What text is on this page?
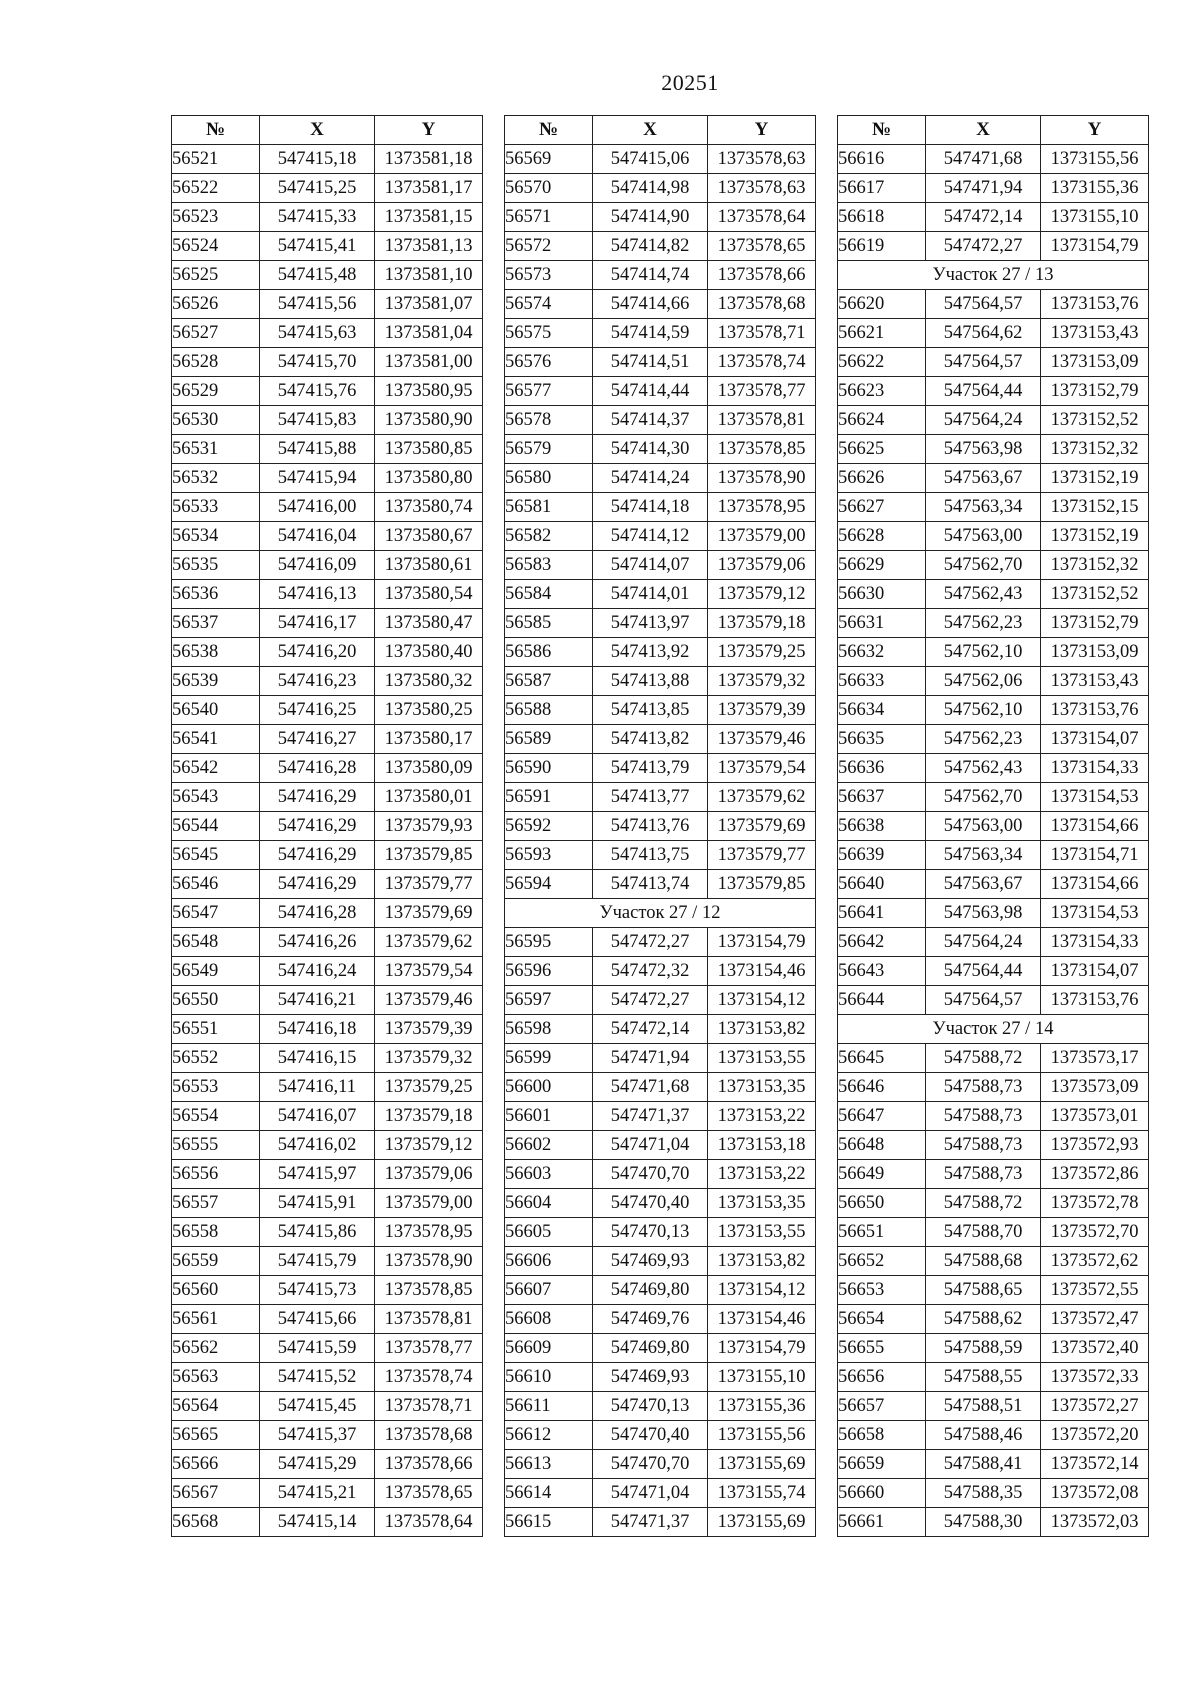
20251
№	X	Y
56521	547415,18	1373581,18
56522	547415,25	1373581,17
56523	547415,33	1373581,15
56524	547415,41	1373581,13
56525	547415,48	1373581,10
56526	547415,56	1373581,07
56527	547415,63	1373581,04
56528	547415,70	1373581,00
56529	547415,76	1373580,95
56530	547415,83	1373580,90
56531	547415,88	1373580,85
56532	547415,94	1373580,80
56533	547416,00	1373580,74
56534	547416,04	1373580,67
56535	547416,09	1373580,61
56536	547416,13	1373580,54
56537	547416,17	1373580,47
56538	547416,20	1373580,40
56539	547416,23	1373580,32
56540	547416,25	1373580,25
56541	547416,27	1373580,17
56542	547416,28	1373580,09
56543	547416,29	1373580,01
56544	547416,29	1373579,93
56545	547416,29	1373579,85
56546	547416,29	1373579,77
56547	547416,28	1373579,69
56548	547416,26	1373579,62
56549	547416,24	1373579,54
56550	547416,21	1373579,46
56551	547416,18	1373579,39
56552	547416,15	1373579,32
56553	547416,11	1373579,25
56554	547416,07	1373579,18
56555	547416,02	1373579,12
56556	547415,97	1373579,06
56557	547415,91	1373579,00
56558	547415,86	1373578,95
56559	547415,79	1373578,90
56560	547415,73	1373578,85
56561	547415,66	1373578,81
56562	547415,59	1373578,77
56563	547415,52	1373578,74
56564	547415,45	1373578,71
56565	547415,37	1373578,68
56566	547415,29	1373578,66
56567	547415,21	1373578,65
56568	547415,14	1373578,64
№	X	Y
56569	547415,06	1373578,63
56570	547414,98	1373578,63
56571	547414,90	1373578,64
56572	547414,82	1373578,65
56573	547414,74	1373578,66
56574	547414,66	1373578,68
56575	547414,59	1373578,71
56576	547414,51	1373578,74
56577	547414,44	1373578,77
56578	547414,37	1373578,81
56579	547414,30	1373578,85
56580	547414,24	1373578,90
56581	547414,18	1373578,95
56582	547414,12	1373579,00
56583	547414,07	1373579,06
56584	547414,01	1373579,12
56585	547413,97	1373579,18
56586	547413,92	1373579,25
56587	547413,88	1373579,32
56588	547413,85	1373579,39
56589	547413,82	1373579,46
56590	547413,79	1373579,54
56591	547413,77	1373579,62
56592	547413,76	1373579,69
56593	547413,75	1373579,77
56594	547413,74	1373579,85
Участок 27 / 12		
56595	547472,27	1373154,79
56596	547472,32	1373154,46
56597	547472,27	1373154,12
56598	547472,14	1373153,82
56599	547471,94	1373153,55
56600	547471,68	1373153,35
56601	547471,37	1373153,22
56602	547471,04	1373153,18
56603	547470,70	1373153,22
56604	547470,40	1373153,35
56605	547470,13	1373153,55
56606	547469,93	1373153,82
56607	547469,80	1373154,12
56608	547469,76	1373154,46
56609	547469,80	1373154,79
56610	547469,93	1373155,10
56611	547470,13	1373155,36
56612	547470,40	1373155,56
56613	547470,70	1373155,69
56614	547471,04	1373155,74
56615	547471,37	1373155,69
№	X	Y
56616	547471,68	1373155,56
56617	547471,94	1373155,36
56618	547472,14	1373155,10
56619	547472,27	1373154,79
Участок 27 / 13		
56620	547564,57	1373153,76
56621	547564,62	1373153,43
56622	547564,57	1373153,09
56623	547564,44	1373152,79
56624	547564,24	1373152,52
56625	547563,98	1373152,32
56626	547563,67	1373152,19
56627	547563,34	1373152,15
56628	547563,00	1373152,19
56629	547562,70	1373152,32
56630	547562,43	1373152,52
56631	547562,23	1373152,79
56632	547562,10	1373153,09
56633	547562,06	1373153,43
56634	547562,10	1373153,76
56635	547562,23	1373154,07
56636	547562,43	1373154,33
56637	547562,70	1373154,53
56638	547563,00	1373154,66
56639	547563,34	1373154,71
56640	547563,67	1373154,66
56641	547563,98	1373154,53
56642	547564,24	1373154,33
56643	547564,44	1373154,07
56644	547564,57	1373153,76
Участок 27 / 14		
56645	547588,72	1373573,17
56646	547588,73	1373573,09
56647	547588,73	1373573,01
56648	547588,73	1373572,93
56649	547588,73	1373572,86
56650	547588,72	1373572,78
56651	547588,70	1373572,70
56652	547588,68	1373572,62
56653	547588,65	1373572,55
56654	547588,62	1373572,47
56655	547588,59	1373572,40
56656	547588,55	1373572,33
56657	547588,51	1373572,27
56658	547588,46	1373572,20
56659	547588,41	1373572,14
56660	547588,35	1373572,08
56661	547588,30	1373572,03
